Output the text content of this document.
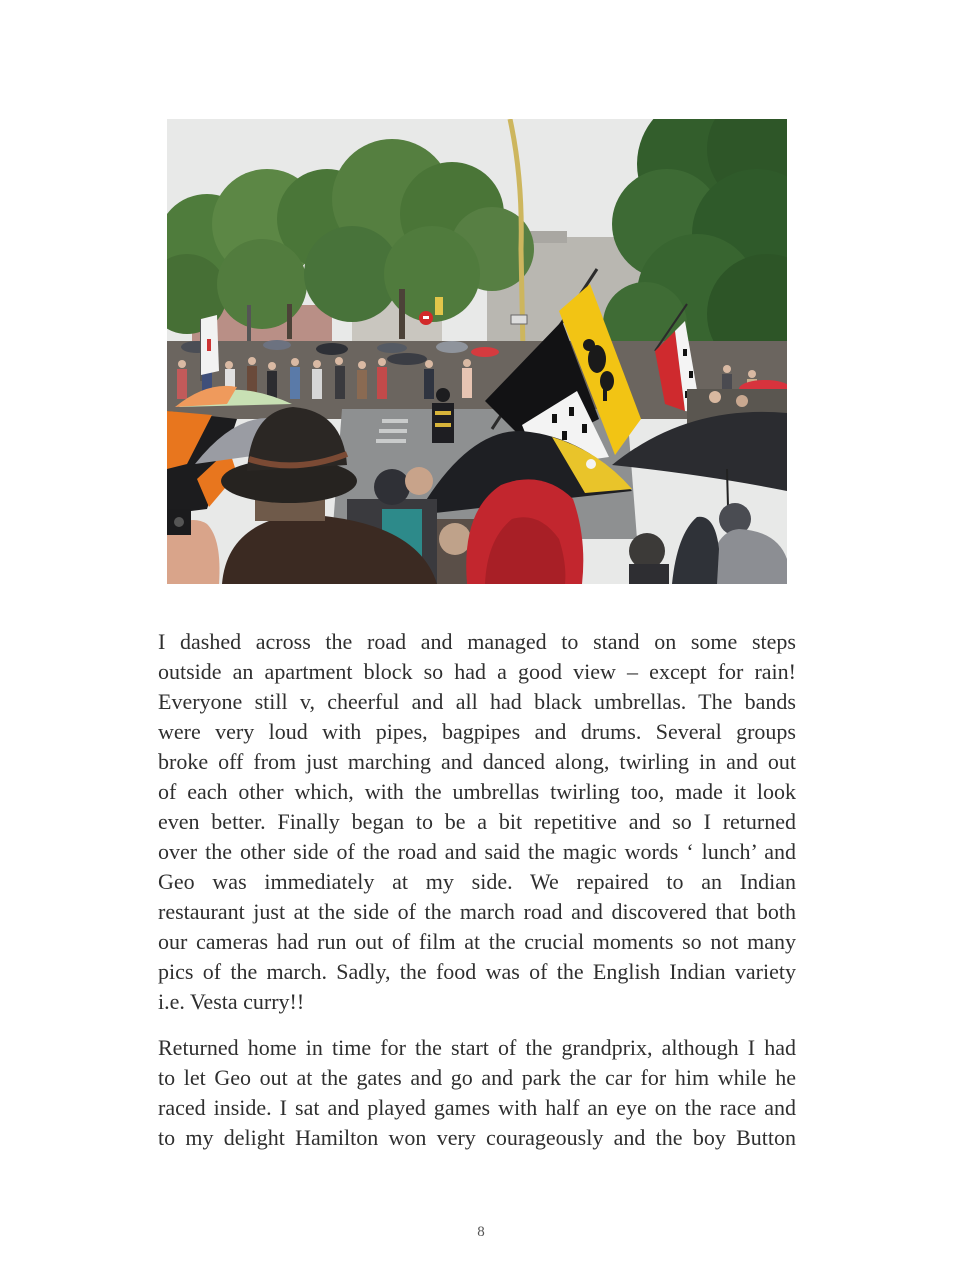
I dashed across the road and managed to stand on some steps
outside an apartment block so had a good view – except for rain!
Everyone still v, cheerful and all had black umbrellas. The bands
were very loud with pipes, bagpipes and drums. Several groups
broke off from just marching and danced along, twirling in and out
of each other which, with the umbrellas twirling too, made it look
even better. Finally began to be a bit repetitive and so I returned
over the other side of the road and said the magic words ‘ lunch’ and
Geo was immediately at my side. We repaired to an Indian
restaurant just at the side of the march road and discovered that both
our cameras had run out of film at the crucial moments so not many
pics of the march. Sadly, the food was of the English Indian variety
i.e. Vesta curry!!
Returned home in time for the start of the grandprix, although I had
to let Geo out at the gates and go and park the car for him while he
raced inside. I sat and played games with half an eye on the race and
to my delight Hamilton won very courageously and the boy Button
8
